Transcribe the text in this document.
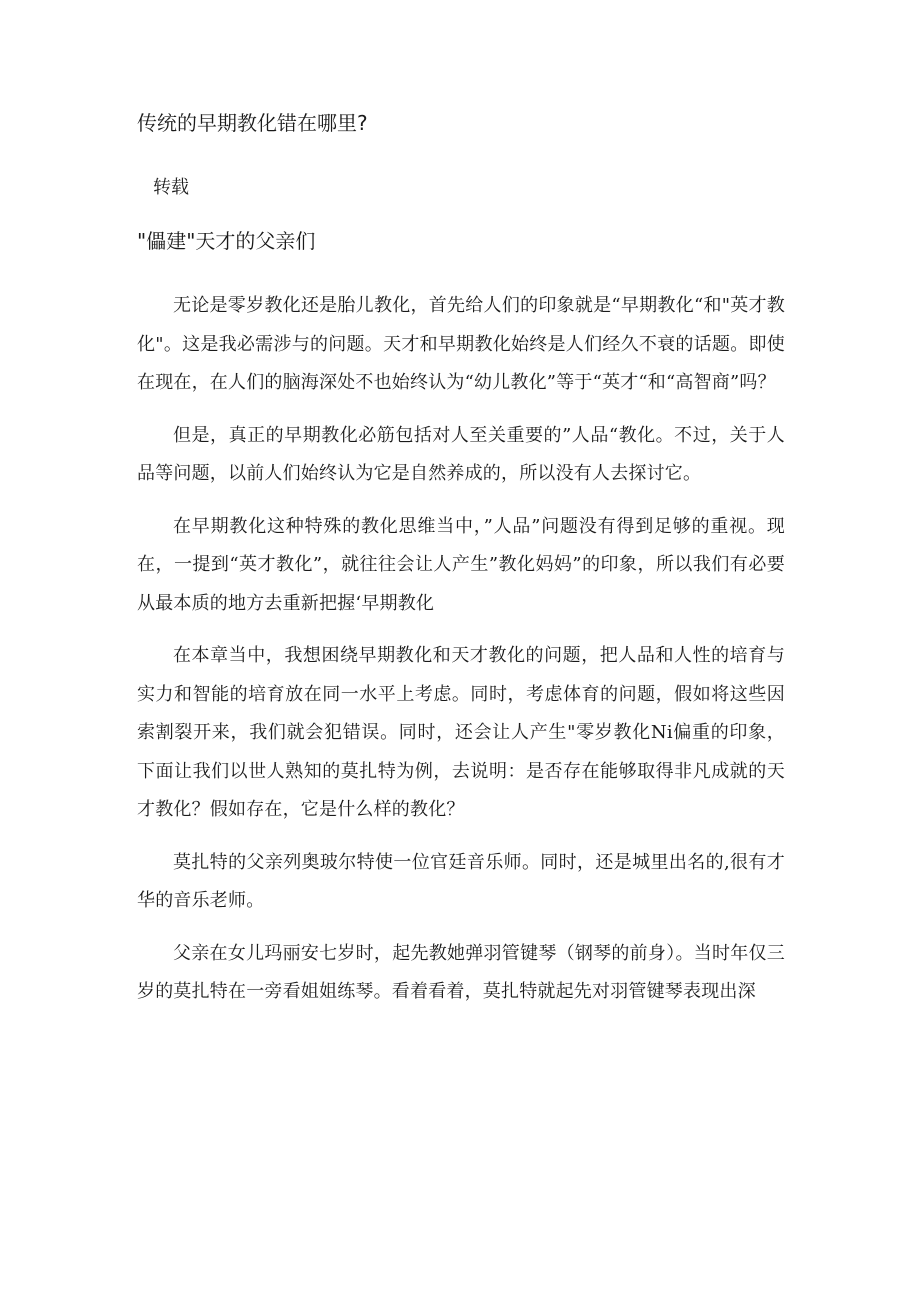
传统的早期教化错在哪里?
转载
"儡建"天才的父亲们

无论是零岁教化还是胎儿教化，首先给人们的印象就是“早期教化“和"英才教化"。这是我必需涉与的问题。天才和早期教化始终是人们经久不衰的话题。即使在现在，在人们的脑海深处不也始终认为“幼儿教化”等于“英才“和“高智商”吗？

但是，真正的早期教化必筋包括对人至关重要的”人品“教化。不过，关于人品等问题，以前人们始终认为它是自然养成的，所以没有人去探讨它。

在早期教化这种特殊的教化思维当中，”人品”问题没有得到足够的重视。现在，一提到“英才教化”，就往往会让人产生”教化妈妈”的印象，所以我们有必要从最本质的地方去重新把握‘早期教化

在本章当中，我想困绕早期教化和天才教化的问题，把人品和人性的培育与实力和智能的培育放在同一水平上考虑。同时，考虑体育的问题，假如将这些因索割裂开来，我们就会犯错误。同时，还会让人产生"零岁教化Ni偏重的印象，下面让我们以世人熟知的莫扎特为例，去说明：是否存在能够取得非凡成就的天才教化？假如存在，它是什么样的教化？

莫扎特的父亲列奥玻尔特使一位官廷音乐师。同时，还是城里出名的,很有才华的音乐老师。

父亲在女儿玛丽安七岁时，起先教她弹羽管键琴（钢琴的前身）。当时年仅三岁的莫扎特在一旁看姐姐练琴。看着看着，莫扎特就起先对羽管键琴表现出深
